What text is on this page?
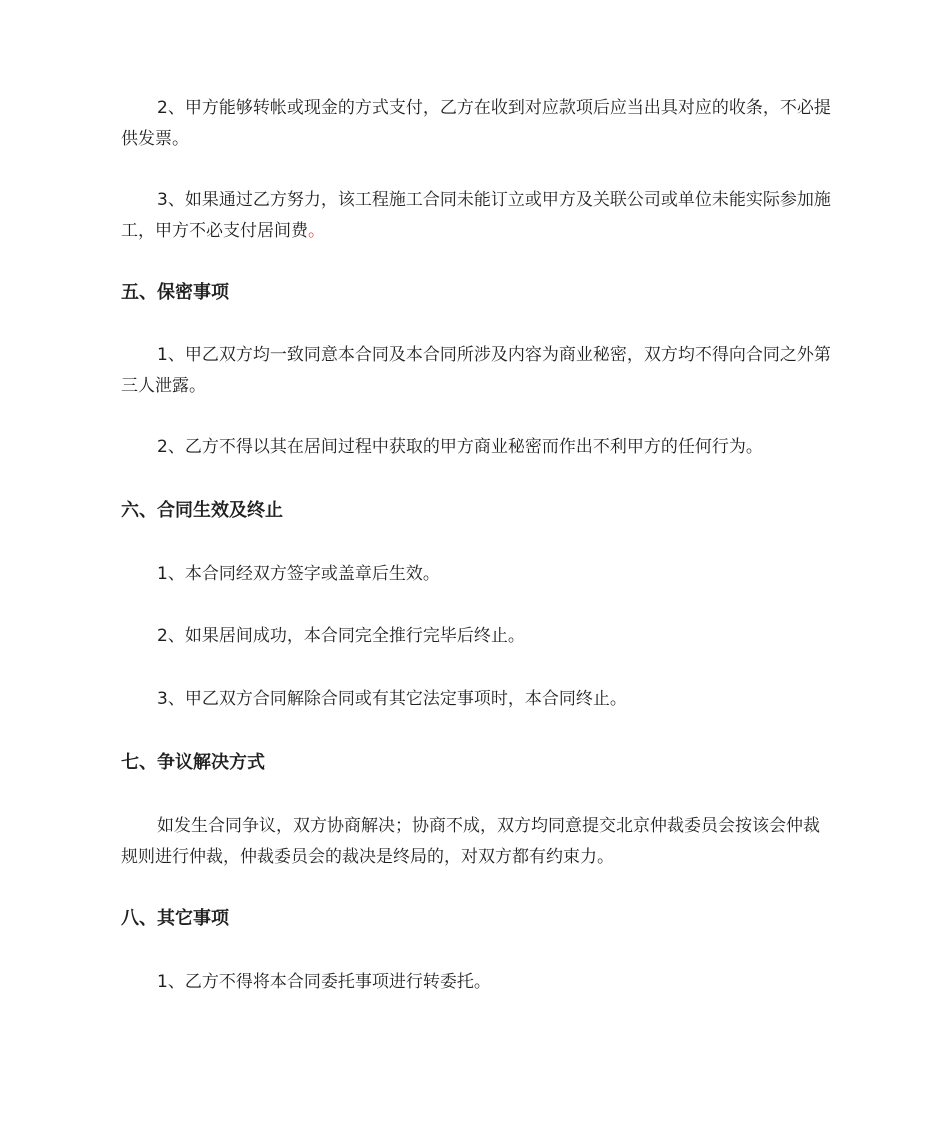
2、甲方能够转帐或现金的方式支付，乙方在收到对应款项后应当出具对应的收条，不必提供发票。

3、如果通过乙方努力，该工程施工合同未能订立或甲方及关联公司或单位未能实际参加施工，甲方不必支付居间费。

五、保密事项

1、甲乙双方均一致同意本合同及本合同所涉及内容为商业秘密，双方均不得向合同之外第三人泄露。

2、乙方不得以其在居间过程中获取的甲方商业秘密而作出不利甲方的任何行为。

六、合同生效及终止

1、本合同经双方签字或盖章后生效。

2、如果居间成功，本合同完全推行完毕后终止。

3、甲乙双方合同解除合同或有其它法定事项时，本合同终止。

七、争议解决方式

如发生合同争议，双方协商解决；协商不成，双方均同意提交北京仲裁委员会按该会仲裁规则进行仲裁，仲裁委员会的裁决是终局的，对双方都有约束力。

八、其它事项

1、乙方不得将本合同委托事项进行转委托。
